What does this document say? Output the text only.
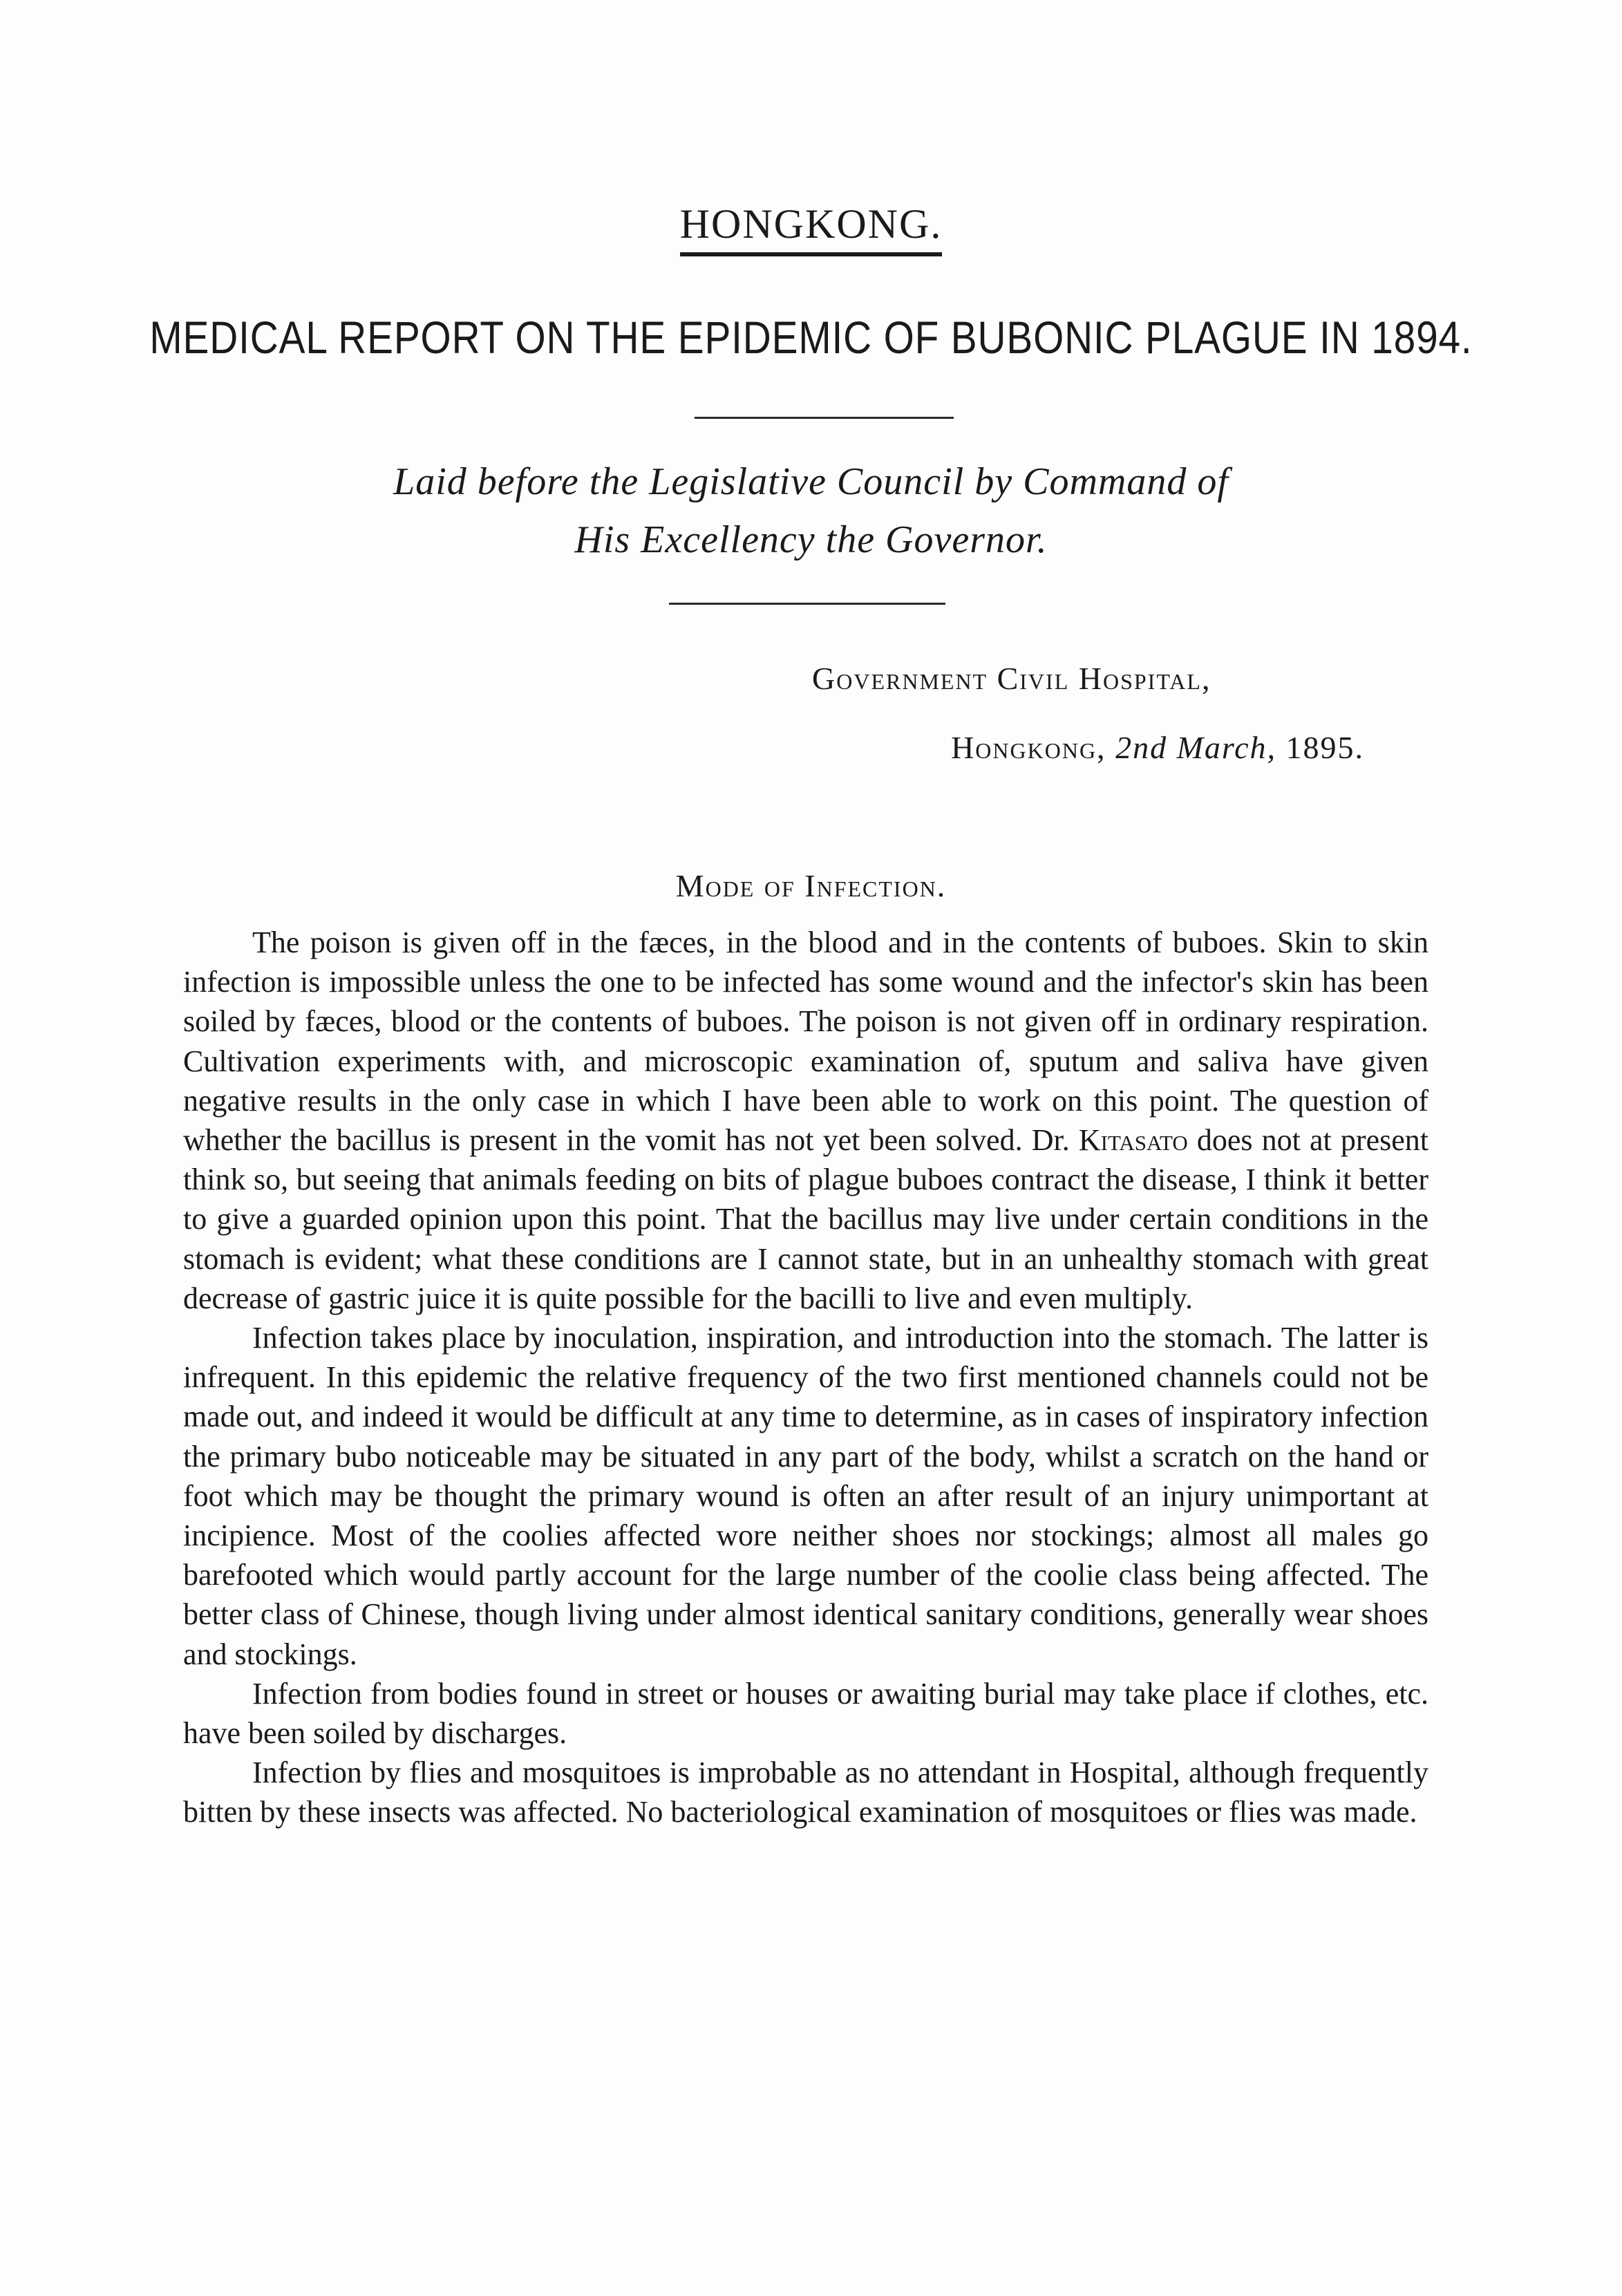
HONGKONG.
MEDICAL REPORT ON THE EPIDEMIC OF BUBONIC PLAGUE IN 1894.
Laid before the Legislative Council by Command of
His Excellency the Governor.
Government Civil Hospital,
Hongkong, 2nd March, 1895.
Mode of Infection.

The poison is given off in the fæces, in the blood and in the contents of buboes. Skin to skin infection is impossible unless the one to be infected has some wound and the infector's skin has been soiled by fæces, blood or the contents of buboes. The poison is not given off in ordinary respiration. Cultivation experiments with, and microscopic examination of, sputum and saliva have given negative results in the only case in which I have been able to work on this point. The question of whether the bacillus is present in the vomit has not yet been solved. Dr. Kitasato does not at present think so, but seeing that animals feeding on bits of plague buboes contract the disease, I think it better to give a guarded opinion upon this point. That the bacillus may live under certain conditions in the stomach is evident; what these conditions are I cannot state, but in an unhealthy stomach with great decrease of gastric juice it is quite possible for the bacilli to live and even multiply.

Infection takes place by inoculation, inspiration, and introduction into the stomach. The latter is infrequent. In this epidemic the relative frequency of the two first mentioned channels could not be made out, and indeed it would be difficult at any time to determine, as in cases of inspiratory infection the primary bubo noticeable may be situated in any part of the body, whilst a scratch on the hand or foot which may be thought the primary wound is often an after result of an injury unimportant at incipience. Most of the coolies affected wore neither shoes nor stockings; almost all males go barefooted which would partly account for the large number of the coolie class being affected. The better class of Chinese, though living under almost identical sanitary conditions, generally wear shoes and stockings.

Infection from bodies found in street or houses or awaiting burial may take place if clothes, etc. have been soiled by discharges.

Infection by flies and mosquitoes is improbable as no attendant in Hospital, although frequently bitten by these insects was affected. No bacteriological examination of mosquitoes or flies was made.
